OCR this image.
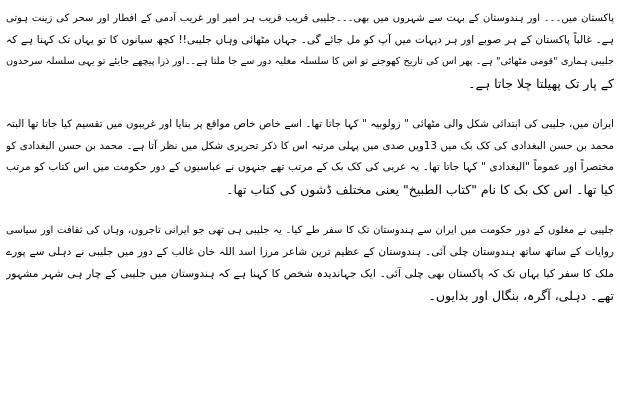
پاکستان میں۔۔۔ اور ہندوستان کے بہت سے شہروں میں بھی۔۔۔جلیبی قریب قریب ہر امیر اور غریب آدمی کے افطار اور سحر کی زینت ہوتی
ہے۔ غالباً پاکستان کے ہر صوبے اور ہر دیہات میں آپ کو مل جائے گی۔ جہاں مٹھائی وہاں جلیبی!! کچھ سیانوں کا تو یہاں تک کہنا ہے کہ
جلیبی ہماری "قومی مٹھائی" ہے۔ پھر اس کی تاریخ کھوجنے تو اس کا سلسلہ مغلیہ دور سے جا ملتا ہے۔۔اور ذرا پیچھے جایئے تو یہی سلسلہ سرحدوں
کے پار تک پھیلتا چلا جاتا ہے۔
ایران میں، جلیبی کی ابتدائی شکل والی مٹھائی " زولوبیہ " کہا جاتا تھا۔ اسے خاص خاص مواقع پر بنایا اور غریبوں میں تقسیم کیا جاتا تھا البتہ
محمد بن حسن البغدادی کی کک بک میں 13ویں صدی میں پہلی مرتبہ اس کا ذکر تحریری شکل میں نظر آتا ہے۔ محمد بن حسن البغدادی کو
مختصراً اور عموماً "البغدادی " کہا جاتا تھا۔ یہ عربی کی کک بک کے مرتب تھے جنہوں نے عباسیوں کے دور حکومت میں اس کتاب کو مرتب
کیا تھا۔ اس کک بک کا نام "کتاب الطبیخ" یعنی مختلف ڈشوں کی کتاب تھا۔
جلیبی نے مغلوں کے دور حکومت میں ایران سے ہندوستان تک کا سفر طے کیا۔ یہ جلیبی ہی تھی جو ایرانی تاجروں، وہاں کی ثقافت اور سیاسی
روایات کے ساتھ ساتھ ہندوستان چلی آئی۔ ہندوستان کے عظیم ترین شاعر مرزا اسد اللہ خان غالب کے دور میں جلیبی نے دہلی سے پورے
ملک کا سفر کیا یہاں تک کہ پاکستان بھی چلی آئی۔ ایک جہاندیدہ شخص کا کہنا ہے کہ ہندوستان میں جلیبی کے چار ہی شہر مشہور
تھے۔ دہلی، آگرہ، بنگال اور بدایوں۔
